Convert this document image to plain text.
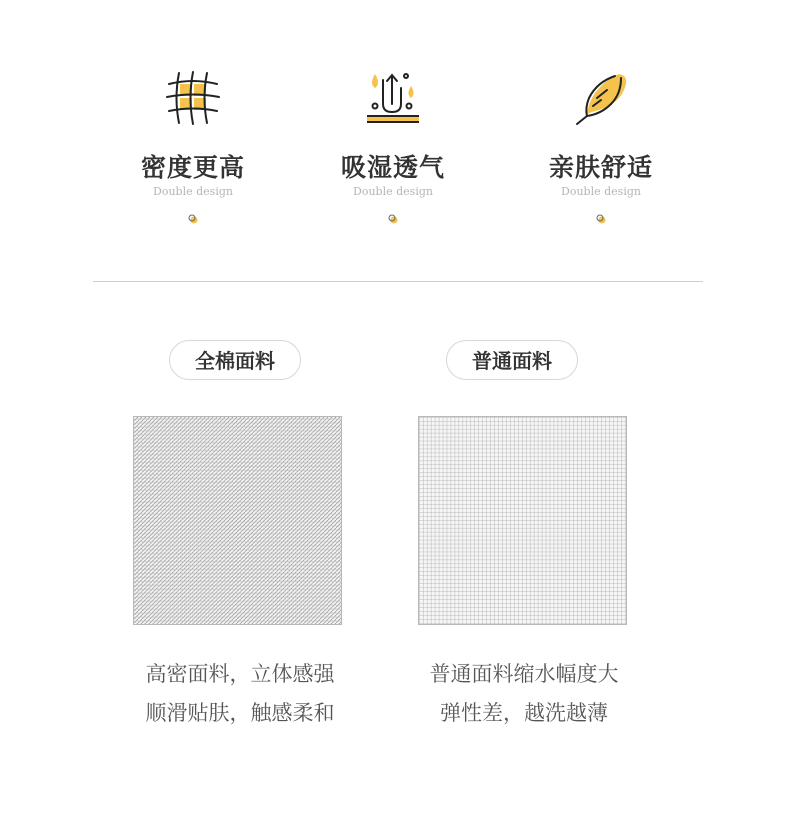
密度更高
Double design
吸湿透气
Double design
亲肤舒适
Double design
全棉面料	普通面料
高密面料，立体感强
顺滑贴肤，触感柔和
普通面料缩水幅度大
弹性差，越洗越薄
